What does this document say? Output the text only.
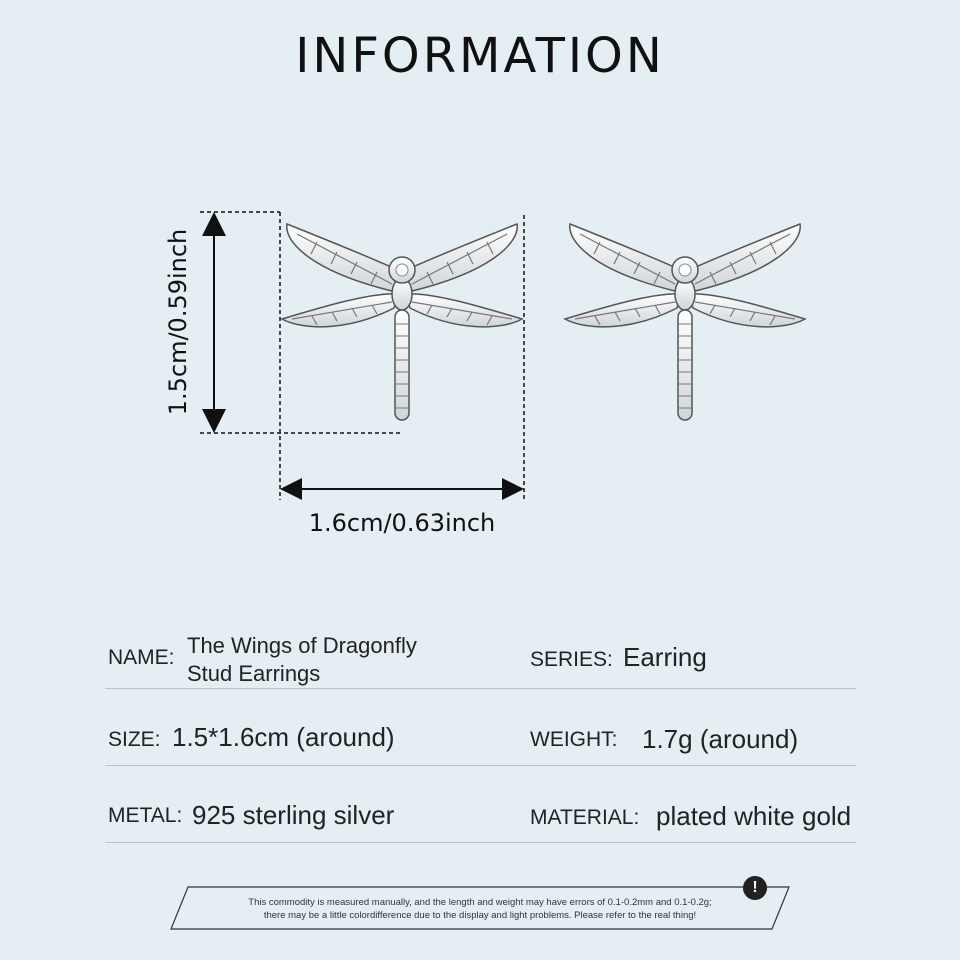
INFORMATION
1.5cm/0.59inch
1.6cm/0.63inch
NAME: The Wings of Dragonfly
Stud Earrings
SERIES: Earring
SIZE: 1.5*1.6cm (around)	WEIGHT: 1.7g (around)
METAL: 925 sterling silver	MATERIAL: plated white gold
This commodity is measured manually, and the length and weight may have errors of 0.1-0.2mm and 0.1-0.2g;
there may be a little colordifference due to the display and light problems. Please refer to the real thing!
!
